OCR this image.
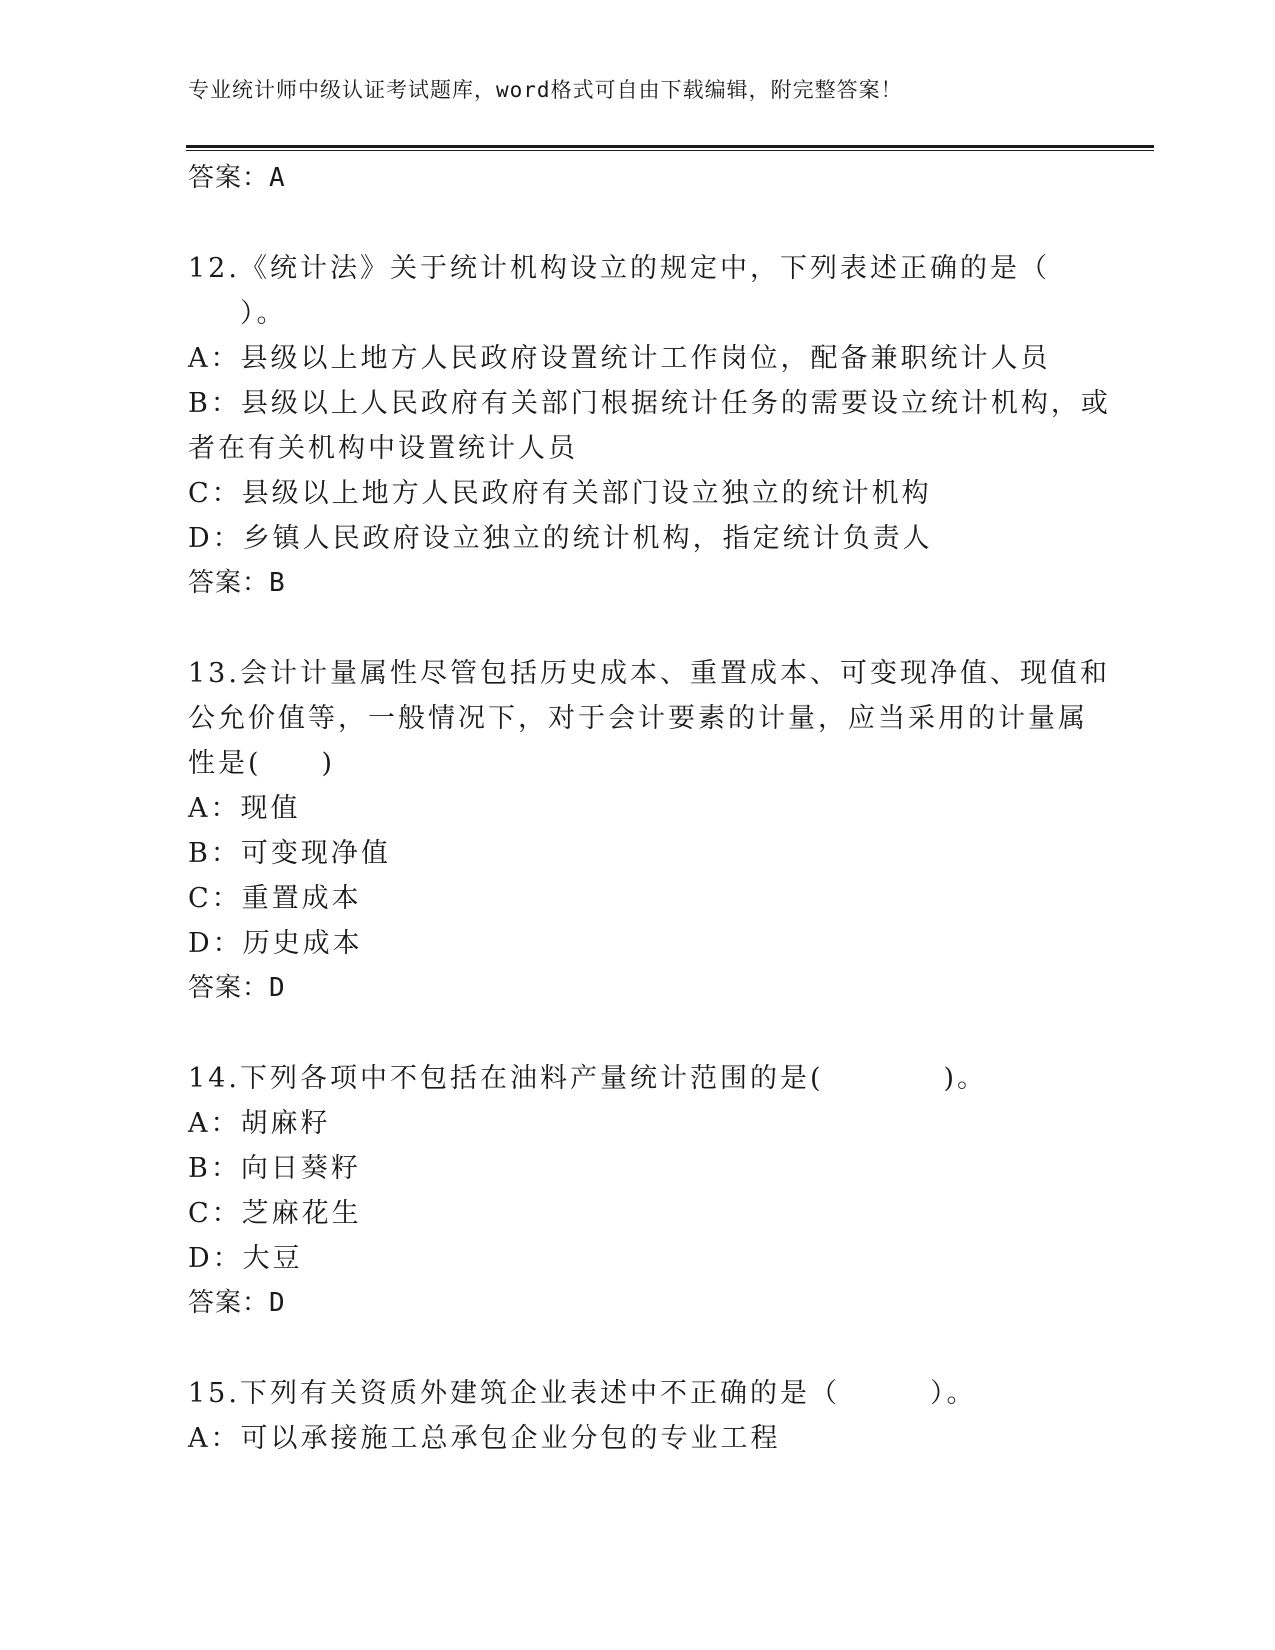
专业统计师中级认证考试题库，word格式可自由下载编辑，附完整答案！
答案：A
12.《统计法》关于统计机构设立的规定中，下列表述正确的是（
）。
A：县级以上地方人民政府设置统计工作岗位，配备兼职统计人员
B：县级以上人民政府有关部门根据统计任务的需要设立统计机构，或
者在有关机构中设置统计人员
C：县级以上地方人民政府有关部门设立独立的统计机构
D：乡镇人民政府设立独立的统计机构，指定统计负责人
答案：B
13.会计计量属性尽管包括历史成本、重置成本、可变现净值、现值和
公允价值等，一般情况下，对于会计要素的计量，应当采用的计量属
性是(　　)
A：现值
B：可变现净值
C：重置成本
D：历史成本
答案：D
14.下列各项中不包括在油料产量统计范围的是(　　　　)。
A：胡麻籽
B：向日葵籽
C：芝麻花生
D：大豆
答案：D
15.下列有关资质外建筑企业表述中不正确的是（　　　）。
A：可以承接施工总承包企业分包的专业工程
